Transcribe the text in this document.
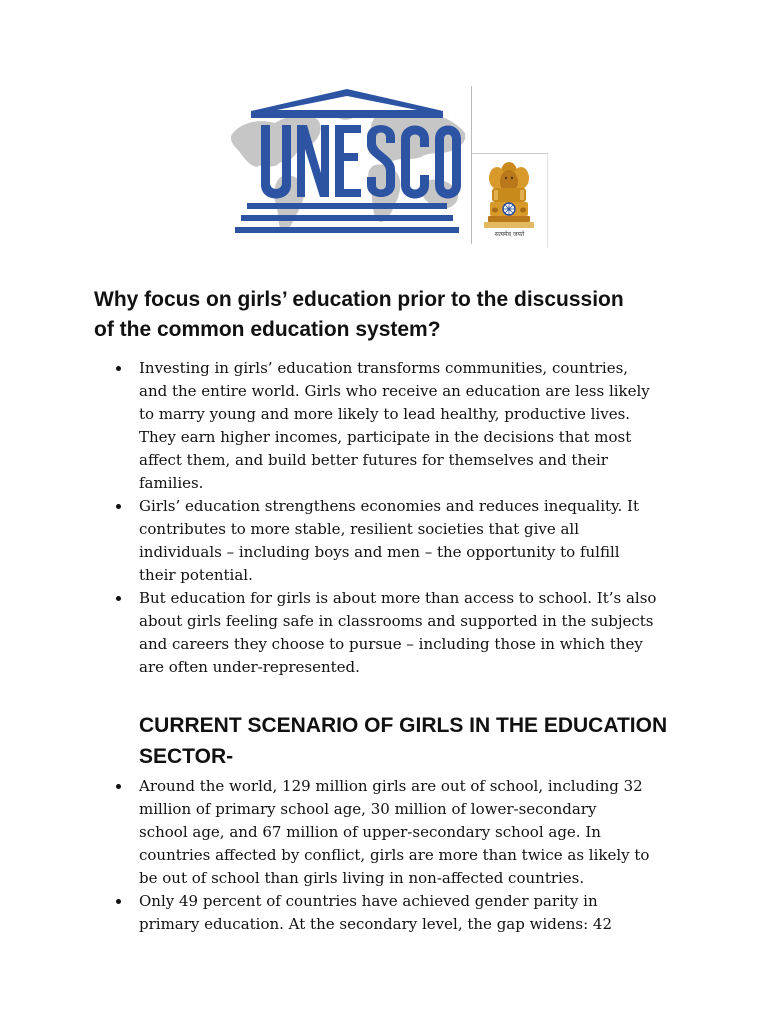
सत्यमेव जयते
Why focus on girls’ education prior to the discussion
of the common education system?
Investing in girls’ education transforms communities, countries,
and the entire world. Girls who receive an education are less likely
to marry young and more likely to lead healthy, productive lives.
They earn higher incomes, participate in the decisions that most
affect them, and build better futures for themselves and their
families.
Girls’ education strengthens economies and reduces inequality. It
contributes to more stable, resilient societies that give all
individuals – including boys and men – the opportunity to fulfill
their potential.
But education for girls is about more than access to school. It’s also
about girls feeling safe in classrooms and supported in the subjects
and careers they choose to pursue – including those in which they
are often under-represented.
CURRENT SCENARIO OF GIRLS IN THE EDUCATION
SECTOR-
Around the world, 129 million girls are out of school, including 32
million of primary school age, 30 million of lower-secondary
school age, and 67 million of upper-secondary school age. In
countries affected by conflict, girls are more than twice as likely to
be out of school than girls living in non-affected countries.
Only 49 percent of countries have achieved gender parity in
primary education. At the secondary level, the gap widens: 42
